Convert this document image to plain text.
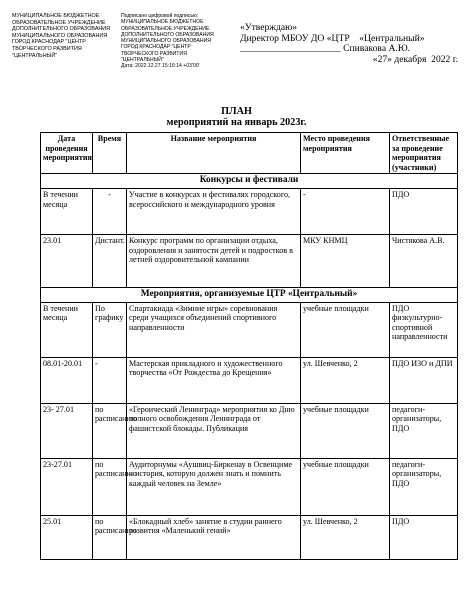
МУНИЦИПАЛЬНОЕ БЮДЖЕТНОЕ
ОБРАЗОВАТЕЛЬНОЕ УЧРЕЖДЕНИЕ
ДОПОЛНИТЕЛЬНОГО ОБРАЗОВАНИЯ
МУНИЦИПАЛЬНОГО ОБРАЗОВАНИЯ
ГОРОД КРАСНОДАР "ЦЕНТР
ТВОРЧЕСКОГО РАЗВИТИЯ
"ЦЕНТРАЛЬНЫЙ"
Подписано цифровой подписью:
МУНИЦИПАЛЬНОЕ БЮДЖЕТНОЕ
ОБРАЗОВАТЕЛЬНОЕ УЧРЕЖДЕНИЕ
ДОПОЛНИТЕЛЬНОГО ОБРАЗОВАНИЯ
МУНИЦИПАЛЬНОГО ОБРАЗОВАНИЯ
ГОРОД КРАСНОДАР "ЦЕНТР
ТВОРЧЕСКОГО РАЗВИТИЯ
"ЦЕНТРАЛЬНЫЙ"
Дата: 2022.12.27 15:16:14 +03'00'
«Утверждаю»
Директор МБОУ ДО «ЦТР    «Центральный»
_____________________ Спивакова А.Ю.
«27» декабря  2022 г.
ПЛАН
мероприятий на январь 2023г.
Дата проведения мероприятия	Время	Название мероприятия	Место проведения мероприятия	Ответственные за проведение мероприятия (участники)
Конкурсы и фестивали				
В течении месяца	-	Участие в конкурсах и фестивалях городского, всероссийского и международного уровня	-	ПДО
23.01	Дистант.	Конкурс программ по организации отдыха, оздоровления и занятости детей и подростков в летней оздоровительной кампании	МКУ КНМЦ	Чистякова А.В.
Мероприятия, организуемые ЦТР «Центральный»				
В течении месяца	По графику	Спартакиада «Зимние игры» соревнования среди учащихся объединений спортивного направленности	учебные площадки	ПДО физкультурно-спортивной направленности
08.01-20.01	-	Мастерская прикладного и художественного творчества «От Рождества до Крещения»	ул. Шевченко, 2	ПДО ИЗО и ДПИ
23- 27.01	по расписанию	«Героический Ленинград» мероприятия ко Дню полного освобождения Ленинграда от фашистской блокады. Публикация	учебные площадки	педагоги-организаторы, ПДО
23-27.01	по расписанию	Аудиторнумы «Аушвиц-Биркенау в Освенциме – история, которую должен знать и помнить каждый человек на Земле»	учебные площадки	педагоги-организаторы, ПДО
25.01	по расписанию	«Блокадный хлеб» занятие в студии раннего развития «Маленький гений»	ул. Шевченко, 2	ПДО
